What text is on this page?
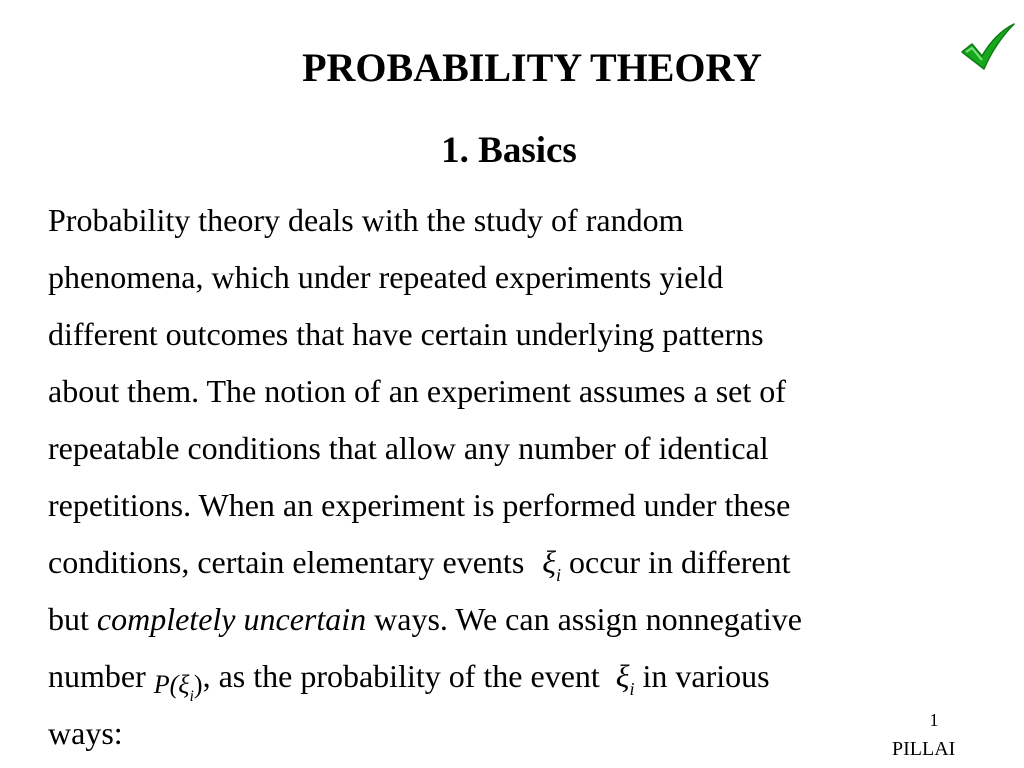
PROBABILITY THEORY
1. Basics
Probability theory deals with the study of random
phenomena, which under repeated experiments yield
different outcomes that have certain underlying patterns
about them. The notion of an experiment assumes a set of
repeatable conditions that allow any number of identical
repetitions. When an experiment is performed under these
conditions, certain elementary events $\xi_i$ occur in different
but completely uncertain ways. We can assign nonnegative
number $P(\xi_i)$, as the probability of the event $\xi_i$ in various
ways:	1
PILLAI
